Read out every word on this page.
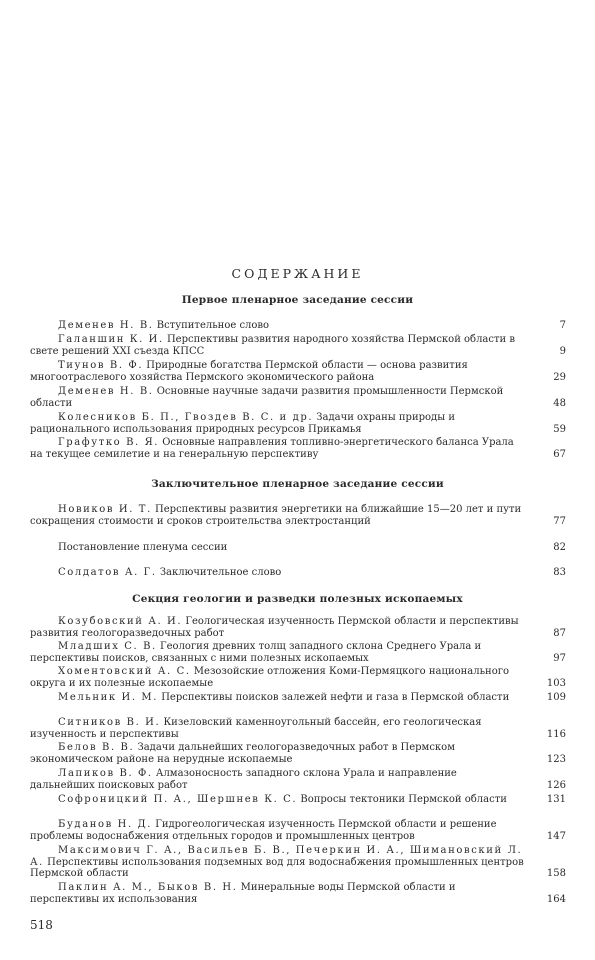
СОДЕРЖАНИЕ
Первое пленарное заседание сессии
Деменев Н. В. Вступительное слово	7
Галаншин К. И. Перспективы развития народного хозяйства Пермской области в свете решений XXI съезда КПСС	9
Тиунов В. Ф. Природные богатства Пермской области — основа развития многоотраслевого хозяйства Пермского экономического района	29
Деменев Н. В. Основные научные задачи развития промышленности Пермской области	48
Колесников Б. П., Гвоздев В. С. и др. Задачи охраны природы и рационального использования природных ресурсов Прикамья	59
Графутко В. Я. Основные направления топливно-энергетического баланса Урала на текущее семилетие и на генеральную перспективу	67
Заключительное пленарное заседание сессии
Новиков И. Т. Перспективы развития энергетики на ближайшие 15—20 лет и пути сокращения стоимости и сроков строительства электростанций	77
Постановление пленума сессии	82
Солдатов А. Г. Заключительное слово	83
Секция геологии и разведки полезных ископаемых
Козубовский А. И. Геологическая изученность Пермской области и перспективы развития геологоразведочных работ	87
Младших С. В. Геология древних толщ западного склона Среднего Урала и перспективы поисков, связанных с ними полезных ископаемых	97
Хоментовский А. С. Мезозойские отложения Коми-Пермяцкого национального округа и их полезные ископаемые	103
Мельник И. М. Перспективы поисков залежей нефти и газа в Пермской области	109
Ситников В. И. Кизеловский каменноугольный бассейн, его геологическая изученность и перспективы	116
Белов В. В. Задачи дальнейших геологоразведочных работ в Пермском экономическом районе на нерудные ископаемые	123
Лапиков В. Ф. Алмазоносность западного склона Урала и направление дальнейших поисковых работ	126
Софроницкий П. А., Шершнев К. С. Вопросы тектоники Пермской области	131
Буданов Н. Д. Гидрогеологическая изученность Пермской области и решение проблемы водоснабжения отдельных городов и промышленных центров	147
Максимович Г. А., Васильев Б. В., Печеркин И. А., Шимановский Л. А. Перспективы использования подземных вод для водоснабжения промышленных центров Пермской области	158
Паклин А. М., Быков В. Н. Минеральные воды Пермской области и перспективы их использования	164
518
